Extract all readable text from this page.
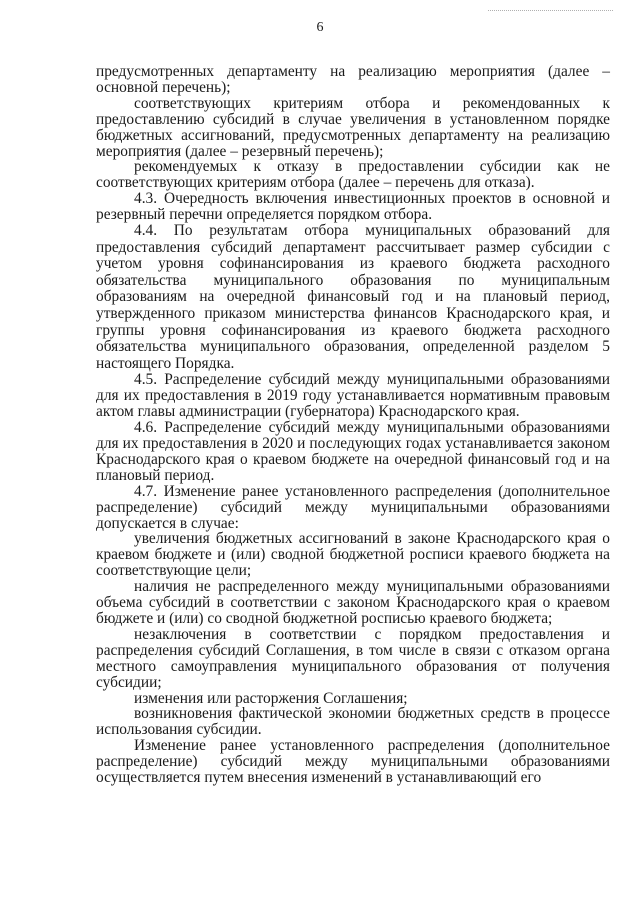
6

предусмотренных департаменту на реализацию мероприятия (далее – основной перечень);

соответствующих критериям отбора и рекомендованных к предоставлению субсидий в случае увеличения в установленном порядке бюджетных ассигнований, предусмотренных департаменту на реализацию мероприятия (далее – резервный перечень);

рекомендуемых к отказу в предоставлении субсидии как не соответствующих критериям отбора (далее – перечень для отказа).

4.3. Очередность включения инвестиционных проектов в основной и резервный перечни определяется порядком отбора.

4.4. По результатам отбора муниципальных образований для предоставления субсидий департамент рассчитывает размер субсидии с учетом уровня софинансирования из краевого бюджета расходного обязательства муниципального образования по муниципальным образованиям на очередной финансовый год и на плановый период, утвержденного приказом министерства финансов Краснодарского края, и группы уровня софинансирования из краевого бюджета расходного обязательства муниципального образования, определенной разделом 5 настоящего Порядка.

4.5. Распределение субсидий между муниципальными образованиями для их предоставления в 2019 году устанавливается нормативным правовым актом главы администрации (губернатора) Краснодарского края.

4.6. Распределение субсидий между муниципальными образованиями для их предоставления в 2020 и последующих годах устанавливается законом Краснодарского края о краевом бюджете на очередной финансовый год и на плановый период.

4.7. Изменение ранее установленного распределения (дополнительное распределение) субсидий между муниципальными образованиями допускается в случае:

увеличения бюджетных ассигнований в законе Краснодарского края о краевом бюджете и (или) сводной бюджетной росписи краевого бюджета на соответствующие цели;

наличия не распределенного между муниципальными образованиями объема субсидий в соответствии с законом Краснодарского края о краевом бюджете и (или) со сводной бюджетной росписью краевого бюджета;

незаключения в соответствии с порядком предоставления и распределения субсидий Соглашения, в том числе в связи с отказом органа местного самоуправления муниципального образования от получения субсидии;

изменения или расторжения Соглашения;

возникновения фактической экономии бюджетных средств в процессе использования субсидии.

Изменение ранее установленного распределения (дополнительное распределение) субсидий между муниципальными образованиями осуществляется путем внесения изменений в устанавливающий его
